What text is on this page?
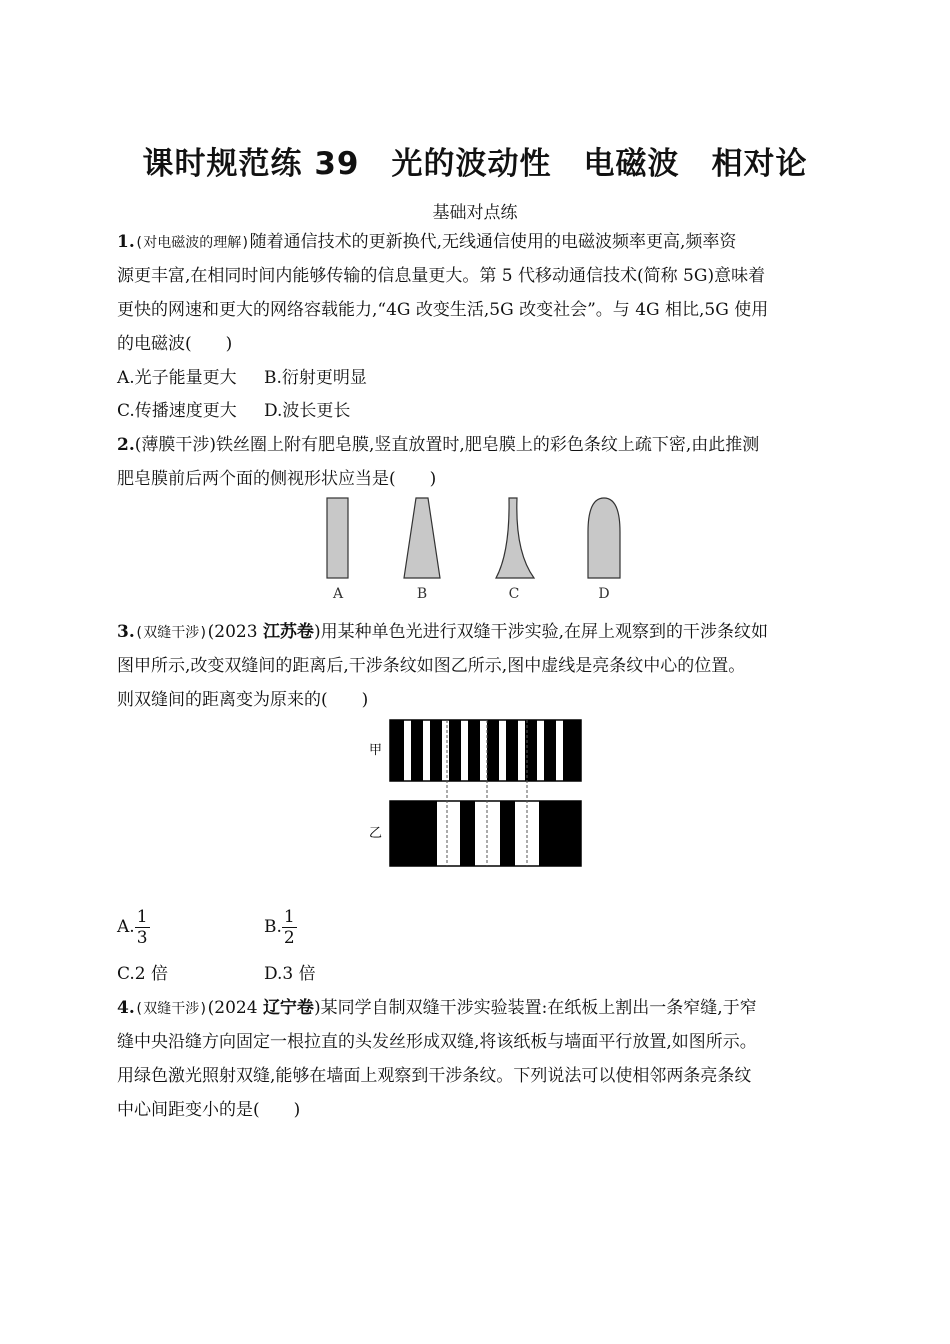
课时规范练 39　光的波动性　电磁波　相对论
基础对点练
1.(对电磁波的理解)随着通信技术的更新换代,无线通信使用的电磁波频率更高,频率资
源更丰富,在相同时间内能够传输的信息量更大。第 5 代移动通信技术(简称 5G)意味着
更快的网速和更大的网络容载能力,“4G 改变生活,5G 改变社会”。与 4G 相比,5G 使用
的电磁波(　　)
A.光子能量更大 B.衍射更明显
C.传播速度更大 D.波长更长
2.(薄膜干涉)铁丝圈上附有肥皂膜,竖直放置时,肥皂膜上的彩色条纹上疏下密,由此推测
肥皂膜前后两个面的侧视形状应当是(　　)
A	B	C	D
3.(双缝干涉)(2023 江苏卷)用某种单色光进行双缝干涉实验,在屏上观察到的干涉条纹如
图甲所示,改变双缝间的距离后,干涉条纹如图乙所示,图中虚线是亮条纹中心的位置。
则双缝间的距离变为原来的(　　)
甲
乙
A. $\frac{1}{3}$	B. $\frac{1}{2}$
C.2 倍	D.3 倍
4.(双缝干涉)(2024 辽宁卷)某同学自制双缝干涉实验装置:在纸板上割出一条窄缝,于窄
缝中央沿缝方向固定一根拉直的头发丝形成双缝,将该纸板与墙面平行放置,如图所示。
用绿色激光照射双缝,能够在墙面上观察到干涉条纹。下列说法可以使相邻两条亮条纹
中心间距变小的是(　　)
